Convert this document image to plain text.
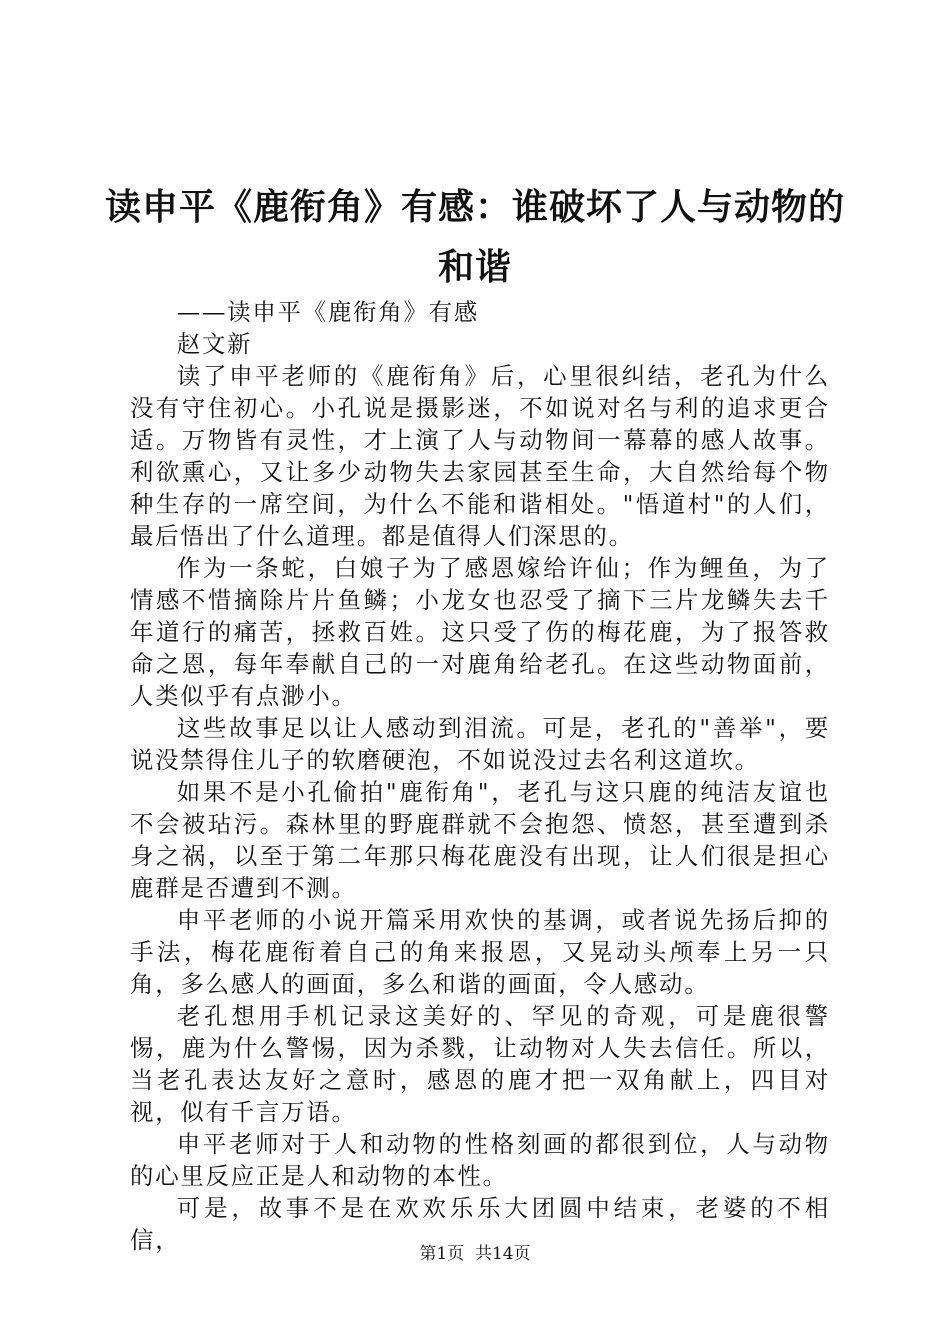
读申平《鹿衔角》有感：谁破坏了人与动物的
和谐

——读申平《鹿衔角》有感

赵文新

读了申平老师的《鹿衔角》后，心里很纠结，老孔为什么没有守住初心。小孔说是摄影迷，不如说对名与利的追求更合适。万物皆有灵性，才上演了人与动物间一幕幕的感人故事。利欲熏心，又让多少动物失去家园甚至生命，大自然给每个物种生存的一席空间，为什么不能和谐相处。"悟道村"的人们，最后悟出了什么道理。都是值得人们深思的。

作为一条蛇，白娘子为了感恩嫁给许仙；作为鲤鱼，为了情感不惜摘除片片鱼鳞；小龙女也忍受了摘下三片龙鳞失去千年道行的痛苦，拯救百姓。这只受了伤的梅花鹿，为了报答救命之恩，每年奉献自己的一对鹿角给老孔。在这些动物面前，人类似乎有点渺小。

这些故事足以让人感动到泪流。可是，老孔的"善举"，要说没禁得住儿子的软磨硬泡，不如说没过去名利这道坎。

如果不是小孔偷拍"鹿衔角"，老孔与这只鹿的纯洁友谊也不会被玷污。森林里的野鹿群就不会抱怨、愤怒，甚至遭到杀身之祸，以至于第二年那只梅花鹿没有出现，让人们很是担心鹿群是否遭到不测。

申平老师的小说开篇采用欢快的基调，或者说先扬后抑的手法，梅花鹿衔着自己的角来报恩，又晃动头颅奉上另一只角，多么感人的画面，多么和谐的画面，令人感动。

老孔想用手机记录这美好的、罕见的奇观，可是鹿很警惕，鹿为什么警惕，因为杀戮，让动物对人失去信任。所以，当老孔表达友好之意时，感恩的鹿才把一双角献上，四目对视，似有千言万语。

申平老师对于人和动物的性格刻画的都很到位，人与动物的心里反应正是人和动物的本性。

可是，故事不是在欢欢乐乐大团圆中结束，老婆的不相信，	第1页  共14页
